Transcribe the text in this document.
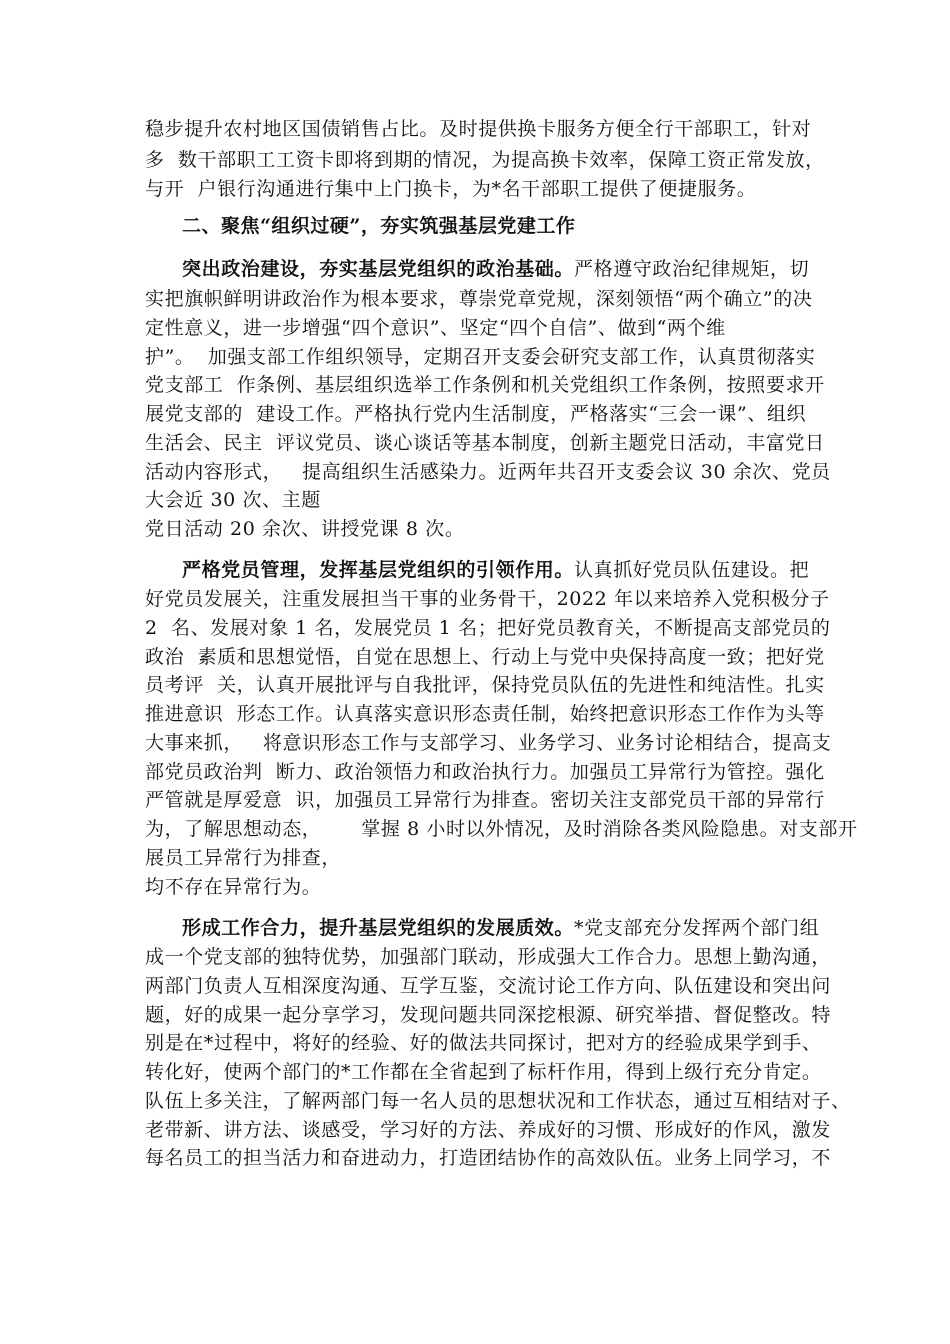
稳步提升农村地区国债销售占比。及时提供换卡服务方便全行干部职工，针对
多  数干部职工工资卡即将到期的情况，为提高换卡效率，保障工资正常发放，
与开  户银行沟通进行集中上门换卡，为*名干部职工提供了便捷服务。
二、聚焦“组织过硬”，夯实筑强基层党建工作
突出政治建设，夯实基层党组织的政治基础。严格遵守政治纪律规矩，切
实把旗帜鲜明讲政治作为根本要求，尊崇党章党规，深刻领悟“两个确立”的决
定性意义，进一步增强“四个意识”、坚定“四个自信”、做到“两个维
护”。  加强支部工作组织领导，定期召开支委会研究支部工作，认真贯彻落实
党支部工  作条例、基层组织选举工作条例和机关党组织工作条例，按照要求开
展党支部的  建设工作。严格执行党内生活制度，严格落实“三会一课”、组织
生活会、民主  评议党员、谈心谈话等基本制度，创新主题党日活动，丰富党日
活动内容形式，   提高组织生活感染力。近两年共召开支委会议 30 余次、党员
大会近 30 次、主题
党日活动 20 余次、讲授党课 8 次。
严格党员管理，发挥基层党组织的引领作用。认真抓好党员队伍建设。把
好党员发展关，注重发展担当干事的业务骨干，2022 年以来培养入党积极分子
2  名、发展对象 1 名，发展党员 1 名；把好党员教育关，不断提高支部党员的
政治  素质和思想觉悟，自觉在思想上、行动上与党中央保持高度一致；把好党
员考评  关，认真开展批评与自我批评，保持党员队伍的先进性和纯洁性。扎实
推进意识  形态工作。认真落实意识形态责任制，始终把意识形态工作作为头等
大事来抓，   将意识形态工作与支部学习、业务学习、业务讨论相结合，提高支
部党员政治判  断力、政治领悟力和政治执行力。加强员工异常行为管控。强化
严管就是厚爱意  识，加强员工异常行为排查。密切关注支部党员干部的异常行
为，了解思想动态，      掌握 8 小时以外情况，及时消除各类风险隐患。对支部开
展员工异常行为排查，
均不存在异常行为。
形成工作合力，提升基层党组织的发展质效。*党支部充分发挥两个部门组
成一个党支部的独特优势，加强部门联动，形成强大工作合力。思想上勤沟通，
两部门负责人互相深度沟通、互学互鉴，交流讨论工作方向、队伍建设和突出问
题，好的成果一起分享学习，发现问题共同深挖根源、研究举措、督促整改。特
别是在*过程中，将好的经验、好的做法共同探讨，把对方的经验成果学到手、
转化好，使两个部门的*工作都在全省起到了标杆作用，得到上级行充分肯定。
队伍上多关注，了解两部门每一名人员的思想状况和工作状态，通过互相结对子、
老带新、讲方法、谈感受，学习好的方法、养成好的习惯、形成好的作风，激发
每名员工的担当活力和奋进动力，打造团结协作的高效队伍。业务上同学习，不
